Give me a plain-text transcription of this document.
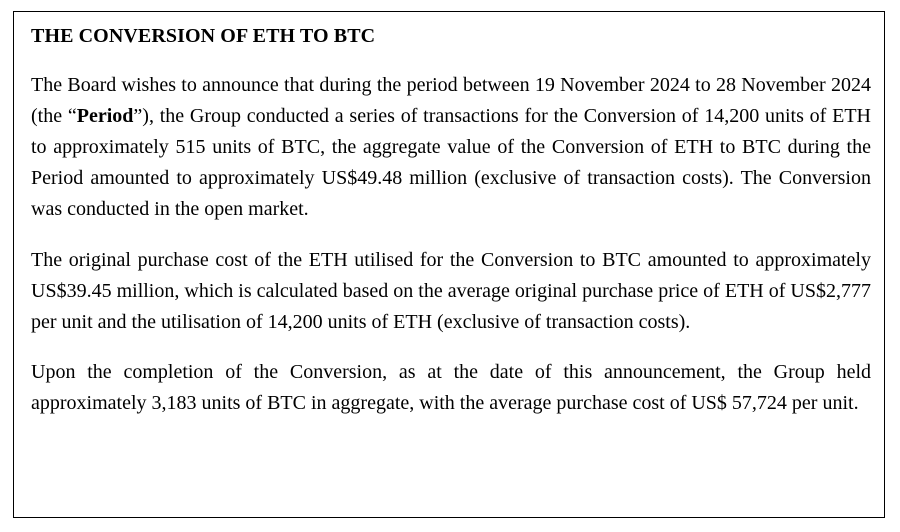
THE CONVERSION OF ETH TO BTC

The Board wishes to announce that during the period between 19 November 2024 to 28 November 2024 (the “Period”), the Group conducted a series of transactions for the Conversion of 14,200 units of ETH to approximately 515 units of BTC, the aggregate value of the Conversion of ETH to BTC during the Period amounted to approximately US$49.48 million (exclusive of transaction costs). The Conversion was conducted in the open market.

The original purchase cost of the ETH utilised for the Conversion to BTC amounted to approximately US$39.45 million, which is calculated based on the average original purchase price of ETH of US$2,777 per unit and the utilisation of 14,200 units of ETH (exclusive of transaction costs).

Upon the completion of the Conversion, as at the date of this announcement, the Group held approximately 3,183 units of BTC in aggregate, with the average purchase cost of US$ 57,724 per unit.
